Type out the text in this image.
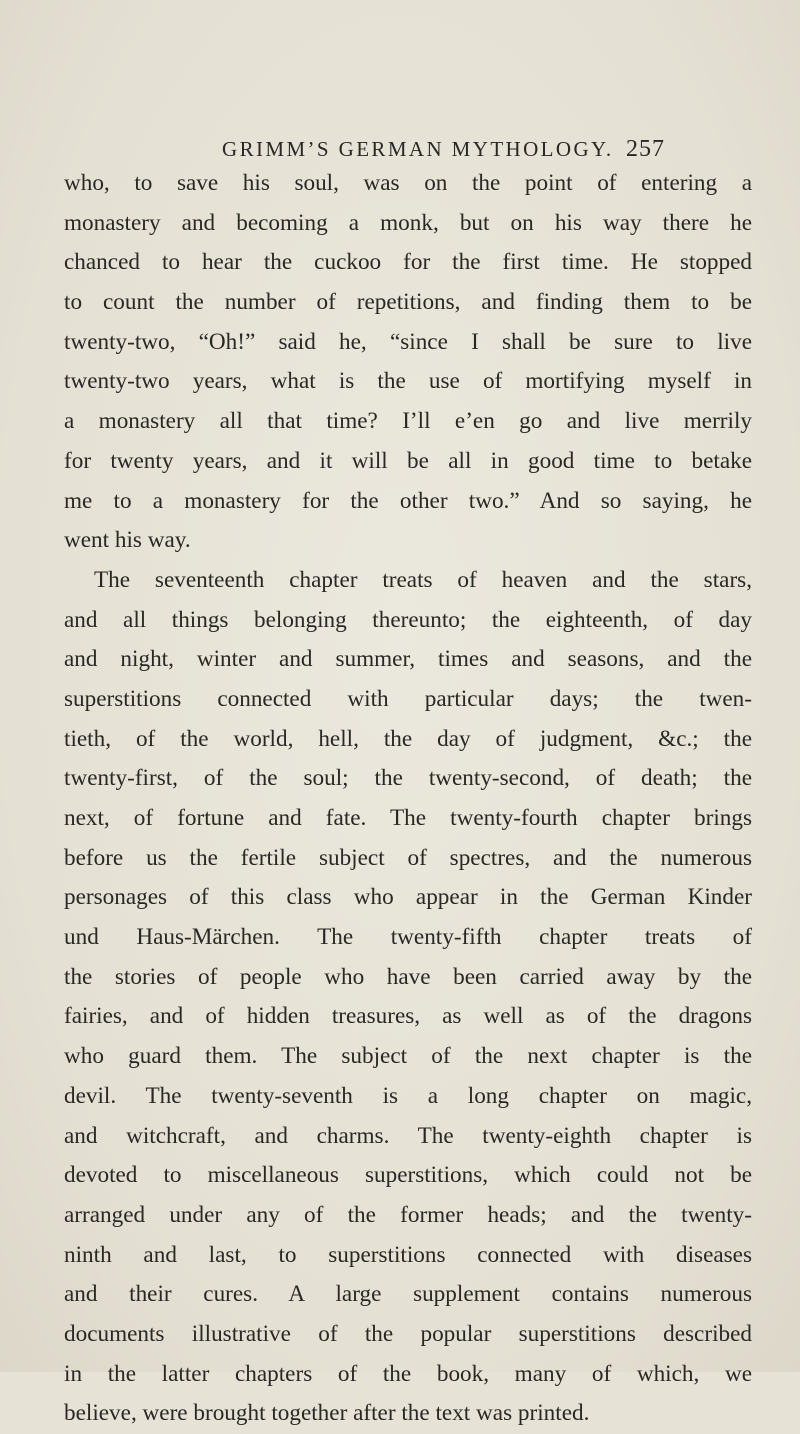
GRIMM’S GERMAN MYTHOLOGY. 257
who, to save his soul, was on the point of entering a
monastery and becoming a monk, but on his way there he
chanced to hear the cuckoo for the first time. He stopped
to count the number of repetitions, and finding them to be
twenty-two, “Oh!” said he, “since I shall be sure to live
twenty-two years, what is the use of mortifying myself in
a monastery all that time? I’ll e’en go and live merrily
for twenty years, and it will be all in good time to betake
me to a monastery for the other two.” And so saying, he
went his way.
The seventeenth chapter treats of heaven and the stars,
and all things belonging thereunto; the eighteenth, of day
and night, winter and summer, times and seasons, and the
superstitions connected with particular days; the twen-
tieth, of the world, hell, the day of judgment, &c.; the
twenty-first, of the soul; the twenty-second, of death; the
next, of fortune and fate. The twenty-fourth chapter brings
before us the fertile subject of spectres, and the numerous
personages of this class who appear in the German Kinder
und Haus-Märchen. The twenty-fifth chapter treats of
the stories of people who have been carried away by the
fairies, and of hidden treasures, as well as of the dragons
who guard them. The subject of the next chapter is the
devil. The twenty-seventh is a long chapter on magic,
and witchcraft, and charms. The twenty-eighth chapter is
devoted to miscellaneous superstitions, which could not be
arranged under any of the former heads; and the twenty-
ninth and last, to superstitions connected with diseases
and their cures. A large supplement contains numerous
documents illustrative of the popular superstitions described
in the latter chapters of the book, many of which, we
believe, were brought together after the text was printed.
